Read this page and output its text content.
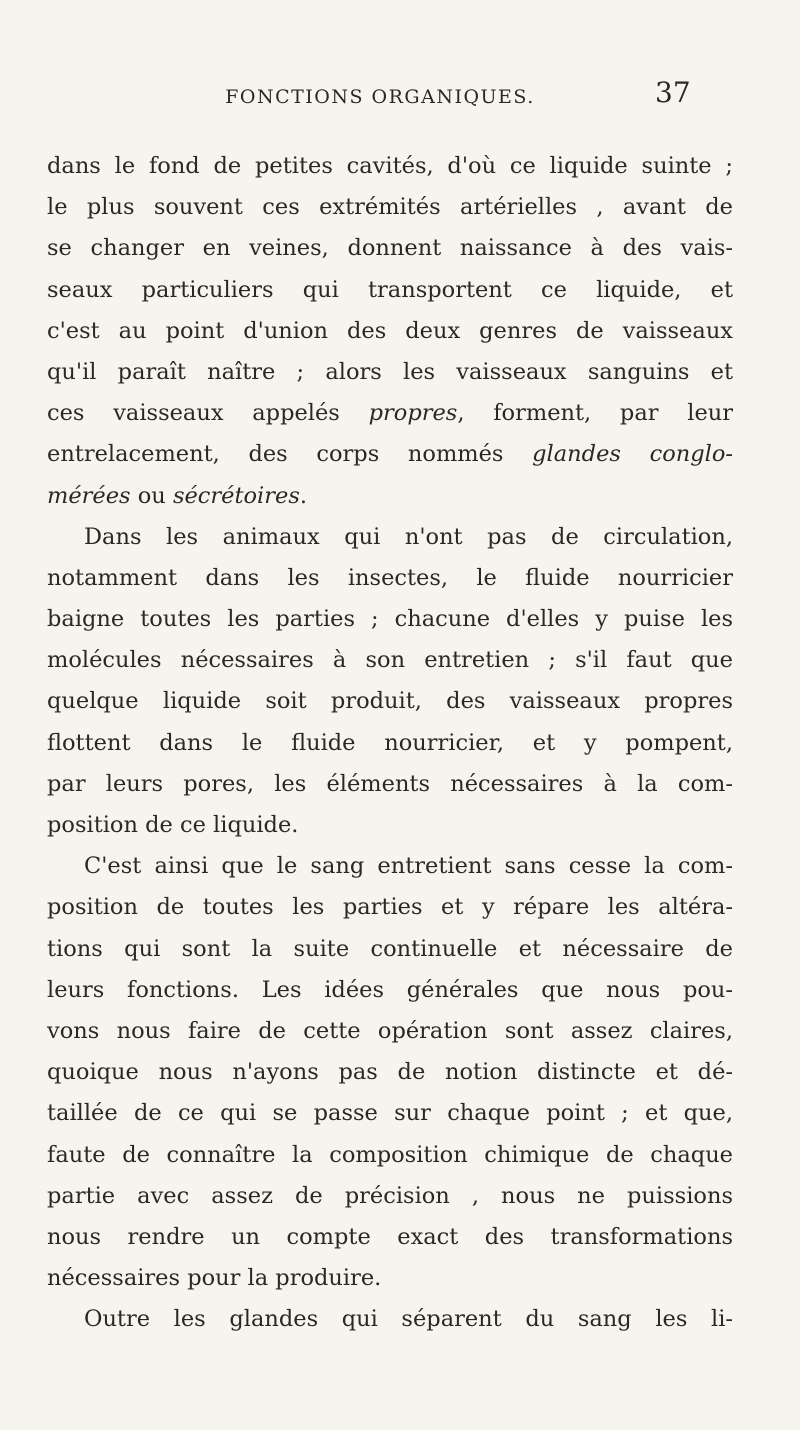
FONCTIONS ORGANIQUES.	37
dans le fond de petites cavités, d'où ce liquide suinte ;
le plus souvent ces extrémités artérielles , avant de
se changer en veines, donnent naissance à des vais-
seaux particuliers qui transportent ce liquide, et
c'est au point d'union des deux genres de vaisseaux
qu'il paraît naître ; alors les vaisseaux sanguins et
ces vaisseaux appelés propres, forment, par leur
entrelacement, des corps nommés glandes conglo-
mérées ou sécrétoires.
Dans les animaux qui n'ont pas de circulation,
notamment dans les insectes, le fluide nourricier
baigne toutes les parties ; chacune d'elles y puise les
molécules nécessaires à son entretien ; s'il faut que
quelque liquide soit produit, des vaisseaux propres
flottent dans le fluide nourricier, et y pompent,
par leurs pores, les éléments nécessaires à la com-
position de ce liquide.
C'est ainsi que le sang entretient sans cesse la com-
position de toutes les parties et y répare les altéra-
tions qui sont la suite continuelle et nécessaire de
leurs fonctions. Les idées générales que nous pou-
vons nous faire de cette opération sont assez claires,
quoique nous n'ayons pas de notion distincte et dé-
taillée de ce qui se passe sur chaque point ; et que,
faute de connaître la composition chimique de chaque
partie avec assez de précision , nous ne puissions
nous rendre un compte exact des transformations
nécessaires pour la produire.
Outre les glandes qui séparent du sang les li-
